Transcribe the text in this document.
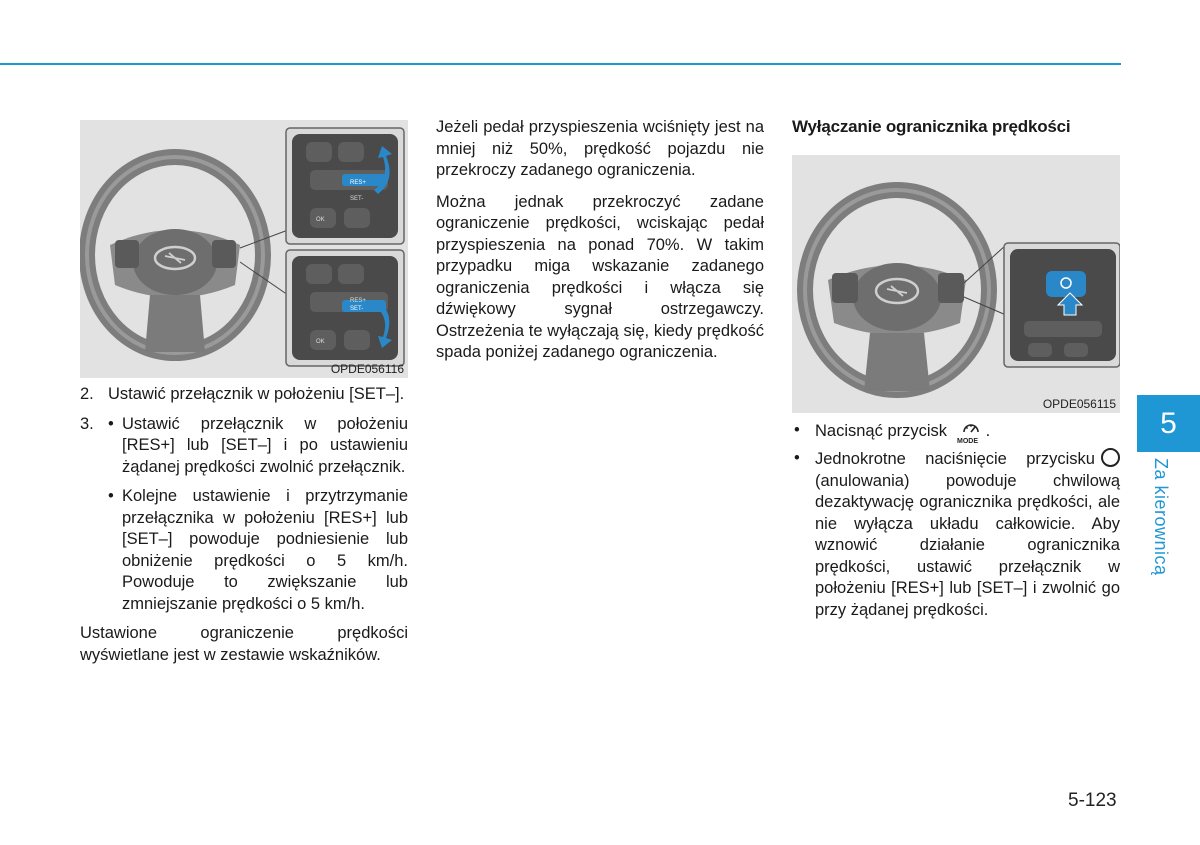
RES+
SET-
OK
RES+
SET-
OK
OPDE056116
2. Ustawić przełącznik w położeniu [SET–].
3. • Ustawić przełącznik w położeniu [RES+] lub [SET–] i po ustawieniu żądanej prędkości zwolnić przełącznik.
• Kolejne ustawienie i przytrzymanie przełącznika w położeniu [RES+] lub [SET–] powoduje podniesienie lub obniżenie prędkości o 5 km/h. Powoduje to zwiększanie lub zmniejszanie prędkości o 5 km/h.

Ustawione ograniczenie prędkości wyświetlane jest w zestawie wskaźników.

Jeżeli pedał przyspieszenia wciśnięty jest na mniej niż 50%, prędkość pojazdu nie przekroczy zadanego ograniczenia.

Można jednak przekroczyć zadane ograniczenie prędkości, wciskając pedał przyspieszenia na ponad 70%. W takim przypadku miga wskazanie zadanego ograniczenia prędkości i włącza się dźwiękowy sygnał ostrzegawczy. Ostrzeżenia te wyłączają się, kiedy prędkość spada poniżej zadanego ograniczenia.

Wyłączanie ogranicznika prędkości
OPDE056115
• Nacisnąć przycisk
MODE
.
• Jednokrotne naciśnięcie przycisku (anulowania) powoduje chwilową dezaktywację ogranicznika prędkości, ale nie wyłącza układu całkowicie. Aby wznowić działanie ogranicznika prędkości, ustawić przełącznik w położeniu [RES+] lub [SET–] i zwolnić go przy żądanej prędkości.
5
Za kierownicą
5-123
